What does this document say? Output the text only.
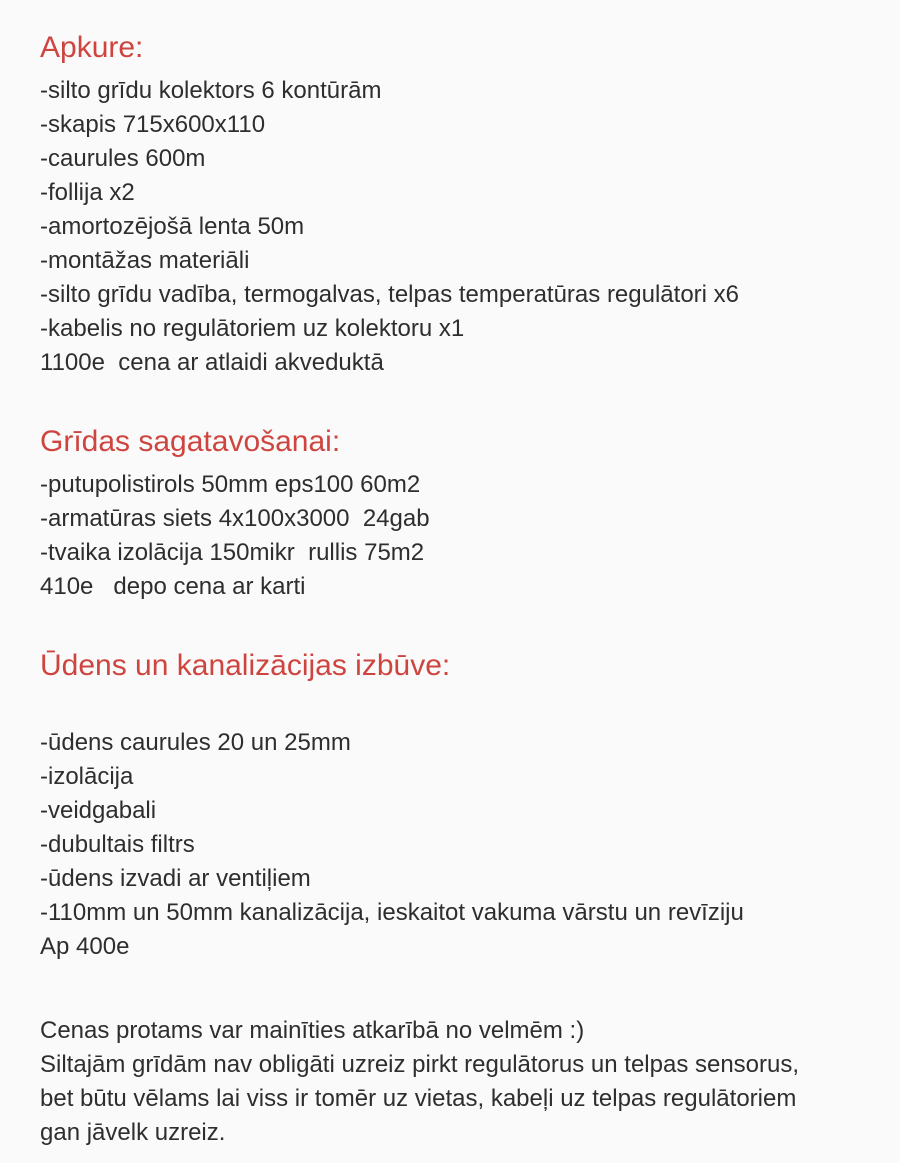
Apkure:
-silto grīdu kolektors 6 kontūrām
-skapis 715x600x110
-caurules 600m
-follija x2
-amortozējošā lenta 50m
-montāžas materiāli
-silto grīdu vadība, termogalvas, telpas temperatūras regulātori x6
-kabelis no regulātoriem uz kolektoru x1
1100e  cena ar atlaidi akveduktā
Grīdas sagatavošanai:
-putupolistirols 50mm eps100 60m2
-armatūras siets 4x100x3000  24gab
-tvaika izolācija 150mikr  rullis 75m2
410e   depo cena ar karti
Ūdens un kanalizācijas izbūve:
-ūdens caurules 20 un 25mm
-izolācija
-veidgabali
-dubultais filtrs
-ūdens izvadi ar ventiļiem
-110mm un 50mm kanalizācija, ieskaitot vakuma vārstu un revīziju
Ap 400e
Cenas protams var mainīties atkarībā no velmēm :)
Siltajām grīdām nav obligāti uzreiz pirkt regulātorus un telpas sensorus,
bet būtu vēlams lai viss ir tomēr uz vietas, kabeļi uz telpas regulātoriem
gan jāvelk uzreiz.
